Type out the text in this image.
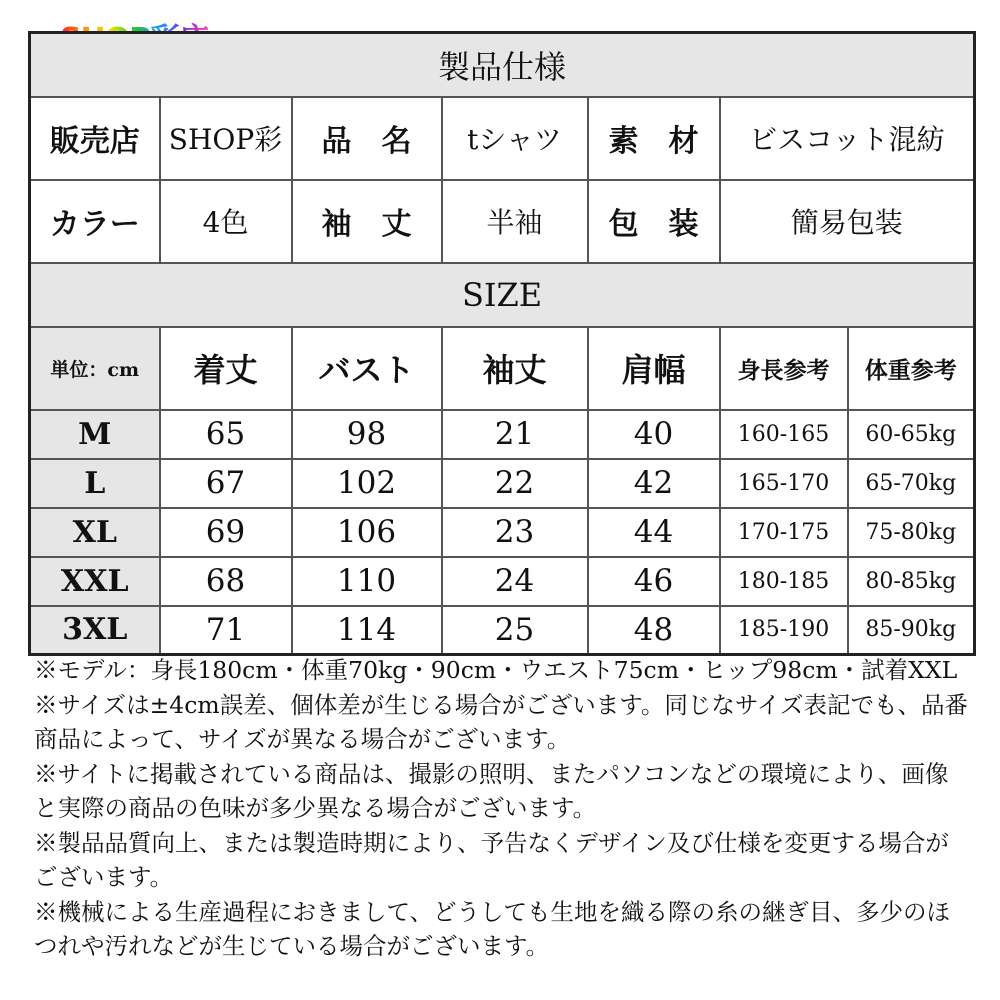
製品仕様						
販売店	SHOP彩	品　名	tシャツ	素　材	ビスコット混紡	
カラー	4色	袖　丈	半袖	包　装	簡易包装	
SIZE						
単位：cm	着丈	バスト	袖丈	肩幅	身長参考	体重参考
M	65	98	21	40	160-165	60-65kg
L	67	102	22	42	165-170	65-70kg
XL	69	106	23	44	170-175	75-80kg
XXL	68	110	24	46	180-185	80-85kg
3XL	71	114	25	48	185-190	85-90kg

※モデル：身長180cm・体重70kg・90cm・ウエスト75cm・ヒップ98cm・試着XXL

※サイズは±4cm誤差、個体差が生じる場合がございます。同じなサイズ表記でも、品番商品によって、サイズが異なる場合がございます。

※サイトに掲載されている商品は、撮影の照明、またパソコンなどの環境により、画像と実際の商品の色味が多少異なる場合がございます。

※製品品質向上、または製造時期により、予告なくデザイン及び仕様を変更する場合がございます。

※機械による生産過程におきまして、どうしても生地を織る際の糸の継ぎ目、多少のほつれや汚れなどが生じている場合がございます。
